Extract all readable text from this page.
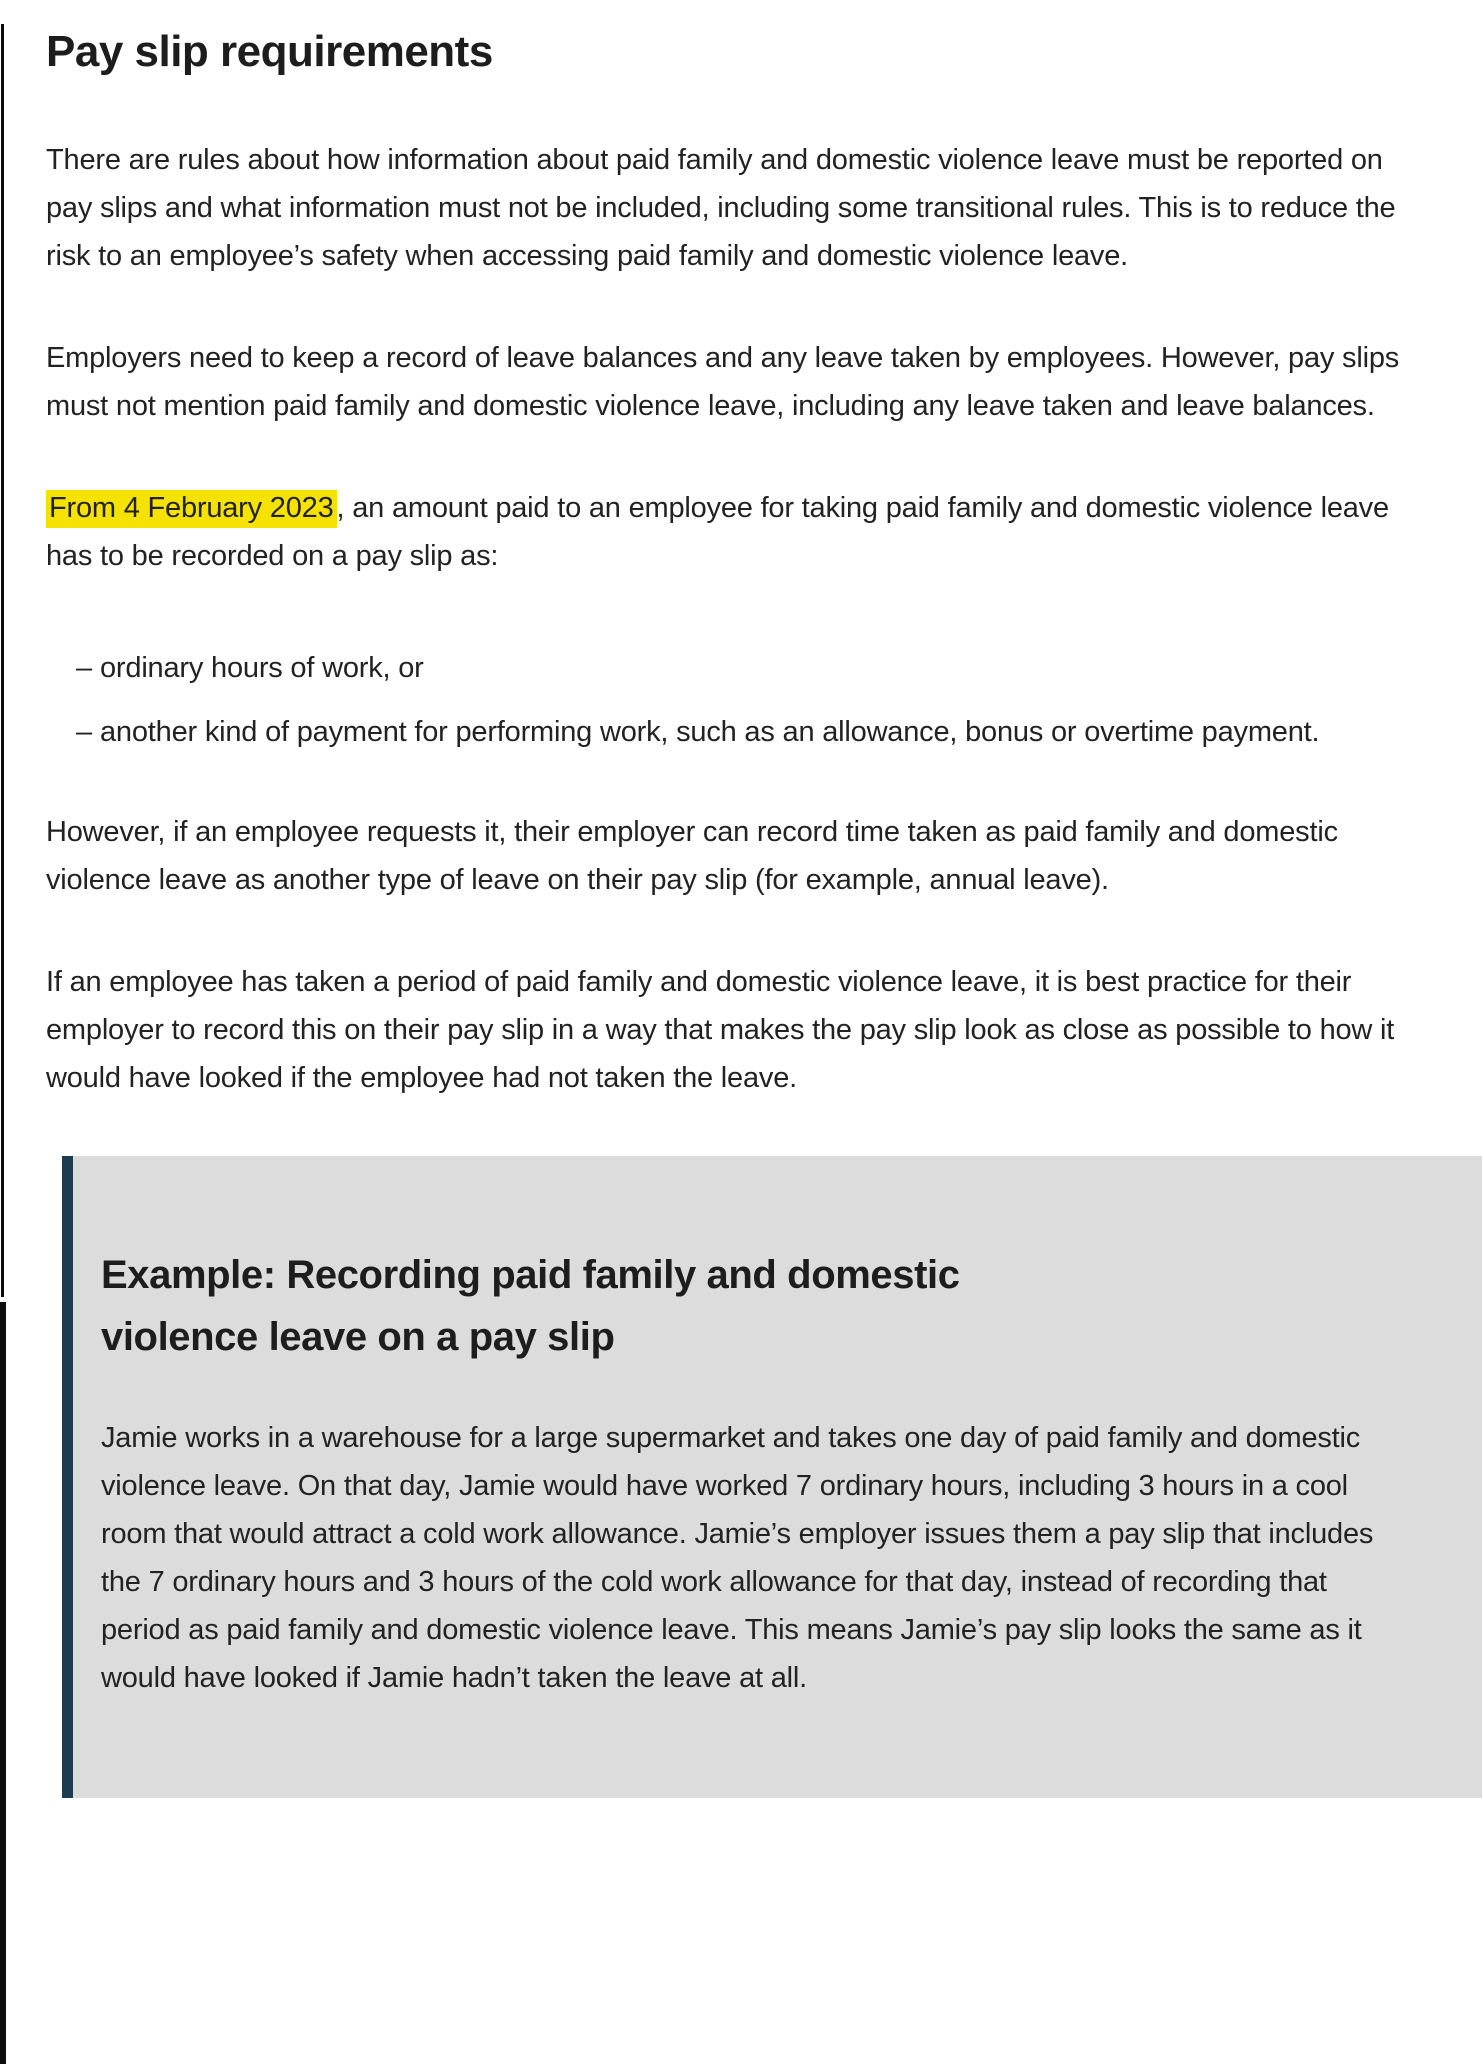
Pay slip requirements

There are rules about how information about paid family and domestic violence leave must be reported on pay slips and what information must not be included, including some transitional rules. This is to reduce the risk to an employee’s safety when accessing paid family and domestic violence leave.

Employers need to keep a record of leave balances and any leave taken by employees. However, pay slips must not mention paid family and domestic violence leave, including any leave taken and leave balances.

From 4 February 2023 , an amount paid to an employee for taking paid family and domestic violence leave has to be recorded on a pay slip as:

– ordinary hours of work, or
– another kind of payment for performing work, such as an allowance, bonus or overtime payment.

However, if an employee requests it, their employer can record time taken as paid family and domestic violence leave as another type of leave on their pay slip (for example, annual leave).

If an employee has taken a period of paid family and domestic violence leave, it is best practice for their employer to record this on their pay slip in a way that makes the pay slip look as close as possible to how it would have looked if the employee had not taken the leave.

Example: Recording paid family and domestic violence leave on a pay slip

Jamie works in a warehouse for a large supermarket and takes one day of paid family and domestic violence leave. On that day, Jamie would have worked 7 ordinary hours, including 3 hours in a cool room that would attract a cold work allowance. Jamie’s employer issues them a pay slip that includes the 7 ordinary hours and 3 hours of the cold work allowance for that day, instead of recording that period as paid family and domestic violence leave. This means Jamie’s pay slip looks the same as it would have looked if Jamie hadn’t taken the leave at all.
